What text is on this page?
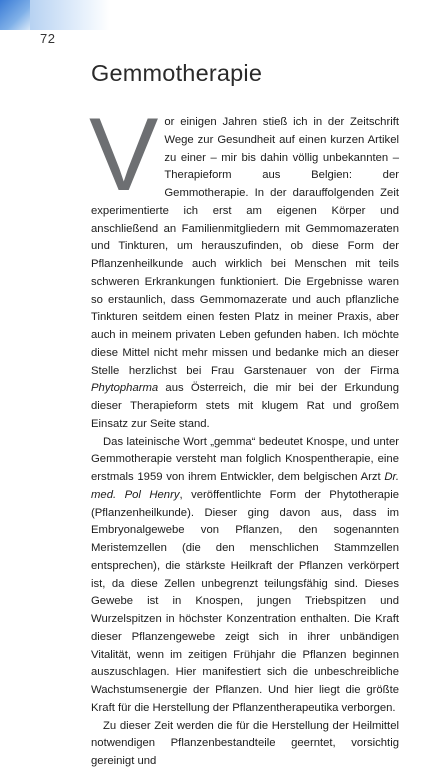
72
Gemmotherapie

Vor einigen Jahren stieß ich in der Zeitschrift Wege zur Gesundheit auf einen kurzen Artikel zu einer – mir bis dahin völlig unbekannten – Therapieform aus Belgien: der Gemmotherapie. In der darauffolgenden Zeit experimentierte ich erst am eigenen Körper und anschließend an Familienmitgliedern mit Gemmomazeraten und Tinkturen, um herauszufinden, ob diese Form der Pflanzenheilkunde auch wirklich bei Menschen mit teils schweren Erkrankungen funktioniert. Die Ergebnisse waren so erstaunlich, dass Gemmomazerate und auch pflanzliche Tinkturen seitdem einen festen Platz in meiner Praxis, aber auch in meinem privaten Leben gefunden haben. Ich möchte diese Mittel nicht mehr missen und bedanke mich an dieser Stelle herzlichst bei Frau Garstenauer von der Firma Phytopharma aus Österreich, die mir bei der Erkundung dieser Therapieform stets mit klugem Rat und großem Einsatz zur Seite stand.

Das lateinische Wort „gemma“ bedeutet Knospe, und unter Gemmotherapie versteht man folglich Knospentherapie, eine erstmals 1959 von ihrem Entwickler, dem belgischen Arzt Dr. med. Pol Henry, veröffentlichte Form der Phytotherapie (Pflanzenheilkunde). Dieser ging davon aus, dass im Embryonalgewebe von Pflanzen, den sogenannten Meristemzellen (die den menschlichen Stammzellen entsprechen), die stärkste Heilkraft der Pflanzen verkörpert ist, da diese Zellen unbegrenzt teilungsfähig sind. Dieses Gewebe ist in Knospen, jungen Triebspitzen und Wurzelspitzen in höchster Konzentration enthalten. Die Kraft dieser Pflanzengewebe zeigt sich in ihrer unbändigen Vitalität, wenn im zeitigen Frühjahr die Pflanzen beginnen auszuschlagen. Hier manifestiert sich die unbeschreibliche Wachstumsenergie der Pflanzen. Und hier liegt die größte Kraft für die Herstellung der Pflanzentherapeutika verborgen.

Zu dieser Zeit werden die für die Herstellung der Heilmittel notwendigen Pflanzenbestandteile geerntet, vorsichtig gereinigt und
